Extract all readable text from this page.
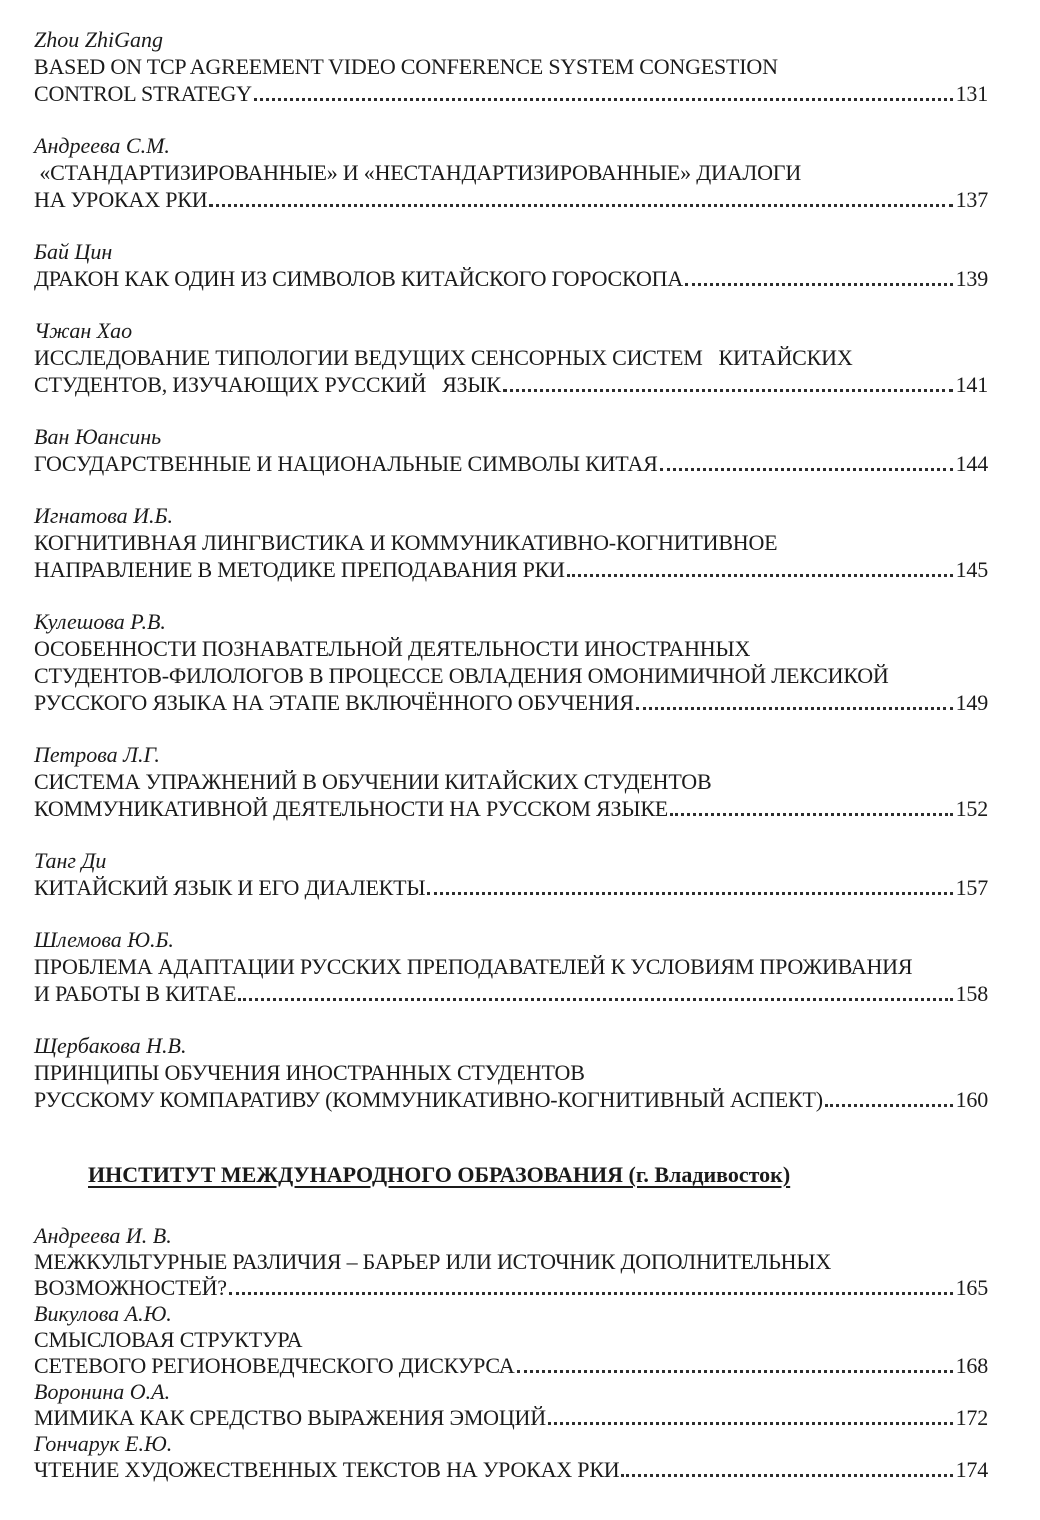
Zhou ZhiGang
BASED ON TCP AGREEMENT VIDEO CONFERENCE SYSTEM CONGESTION
CONTROL STRATEGY	131
Андреева С.М.
«СТАНДАРТИЗИРОВАННЫЕ» И «НЕСТАНДАРТИЗИРОВАННЫЕ» ДИАЛОГИ
НА УРОКАХ РКИ	137
Бай Цин
ДРАКОН КАК ОДИН ИЗ СИМВОЛОВ КИТАЙСКОГО ГОРОСКОПА	139
Чжан Хао
ИССЛЕДОВАНИЕ ТИПОЛОГИИ ВЕДУЩИХ СЕНСОРНЫХ СИСТЕМ   КИТАЙСКИХ
СТУДЕНТОВ, ИЗУЧАЮЩИХ РУССКИЙ   ЯЗЫК	141
Ван Юансинь
ГОСУДАРСТВЕННЫЕ И НАЦИОНАЛЬНЫЕ СИМВОЛЫ КИТАЯ	144
Игнатова И.Б.
КОГНИТИВНАЯ ЛИНГВИСТИКА И КОММУНИКАТИВНО-КОГНИТИВНОЕ
НАПРАВЛЕНИЕ В МЕТОДИКЕ ПРЕПОДАВАНИЯ РКИ	145
Кулешова Р.В.
ОСОБЕННОСТИ ПОЗНАВАТЕЛЬНОЙ ДЕЯТЕЛЬНОСТИ ИНОСТРАННЫХ
СТУДЕНТОВ-ФИЛОЛОГОВ В ПРОЦЕССЕ ОВЛАДЕНИЯ ОМОНИМИЧНОЙ ЛЕКСИКОЙ
РУССКОГО ЯЗЫКА НА ЭТАПЕ ВКЛЮЧЁННОГО ОБУЧЕНИЯ	149
Петрова Л.Г.
СИСТЕМА УПРАЖНЕНИЙ В ОБУЧЕНИИ КИТАЙСКИХ СТУДЕНТОВ
КОММУНИКАТИВНОЙ ДЕЯТЕЛЬНОСТИ НА РУССКОМ ЯЗЫКЕ	152
Танг Ди
КИТАЙСКИЙ ЯЗЫК И ЕГО ДИАЛЕКТЫ	157
Шлемова Ю.Б.
ПРОБЛЕМА АДАПТАЦИИ РУССКИХ ПРЕПОДАВАТЕЛЕЙ К УСЛОВИЯМ ПРОЖИВАНИЯ
И РАБОТЫ В КИТАЕ	158
Щербакова Н.В.
ПРИНЦИПЫ ОБУЧЕНИЯ ИНОСТРАННЫХ СТУДЕНТОВ
РУССКОМУ КОМПАРАТИВУ (КОММУНИКАТИВНО-КОГНИТИВНЫЙ АСПЕКТ)	160
ИНСТИТУТ МЕЖДУНАРОДНОГО ОБРАЗОВАНИЯ (г. Владивосток)
Андреева И. В.
МЕЖКУЛЬТУРНЫЕ РАЗЛИЧИЯ – БАРЬЕР ИЛИ ИСТОЧНИК ДОПОЛНИТЕЛЬНЫХ
ВОЗМОЖНОСТЕЙ?	165
Викулова А.Ю.
СМЫСЛОВАЯ СТРУКТУРА
СЕТЕВОГО РЕГИОНОВЕДЧЕСКОГО ДИСКУРСА	168
Воронина О.А.
МИМИКА КАК СРЕДСТВО ВЫРАЖЕНИЯ ЭМОЦИЙ	172
Гончарук Е.Ю.
ЧТЕНИЕ ХУДОЖЕСТВЕННЫХ ТЕКСТОВ НА УРОКАХ РКИ	174
